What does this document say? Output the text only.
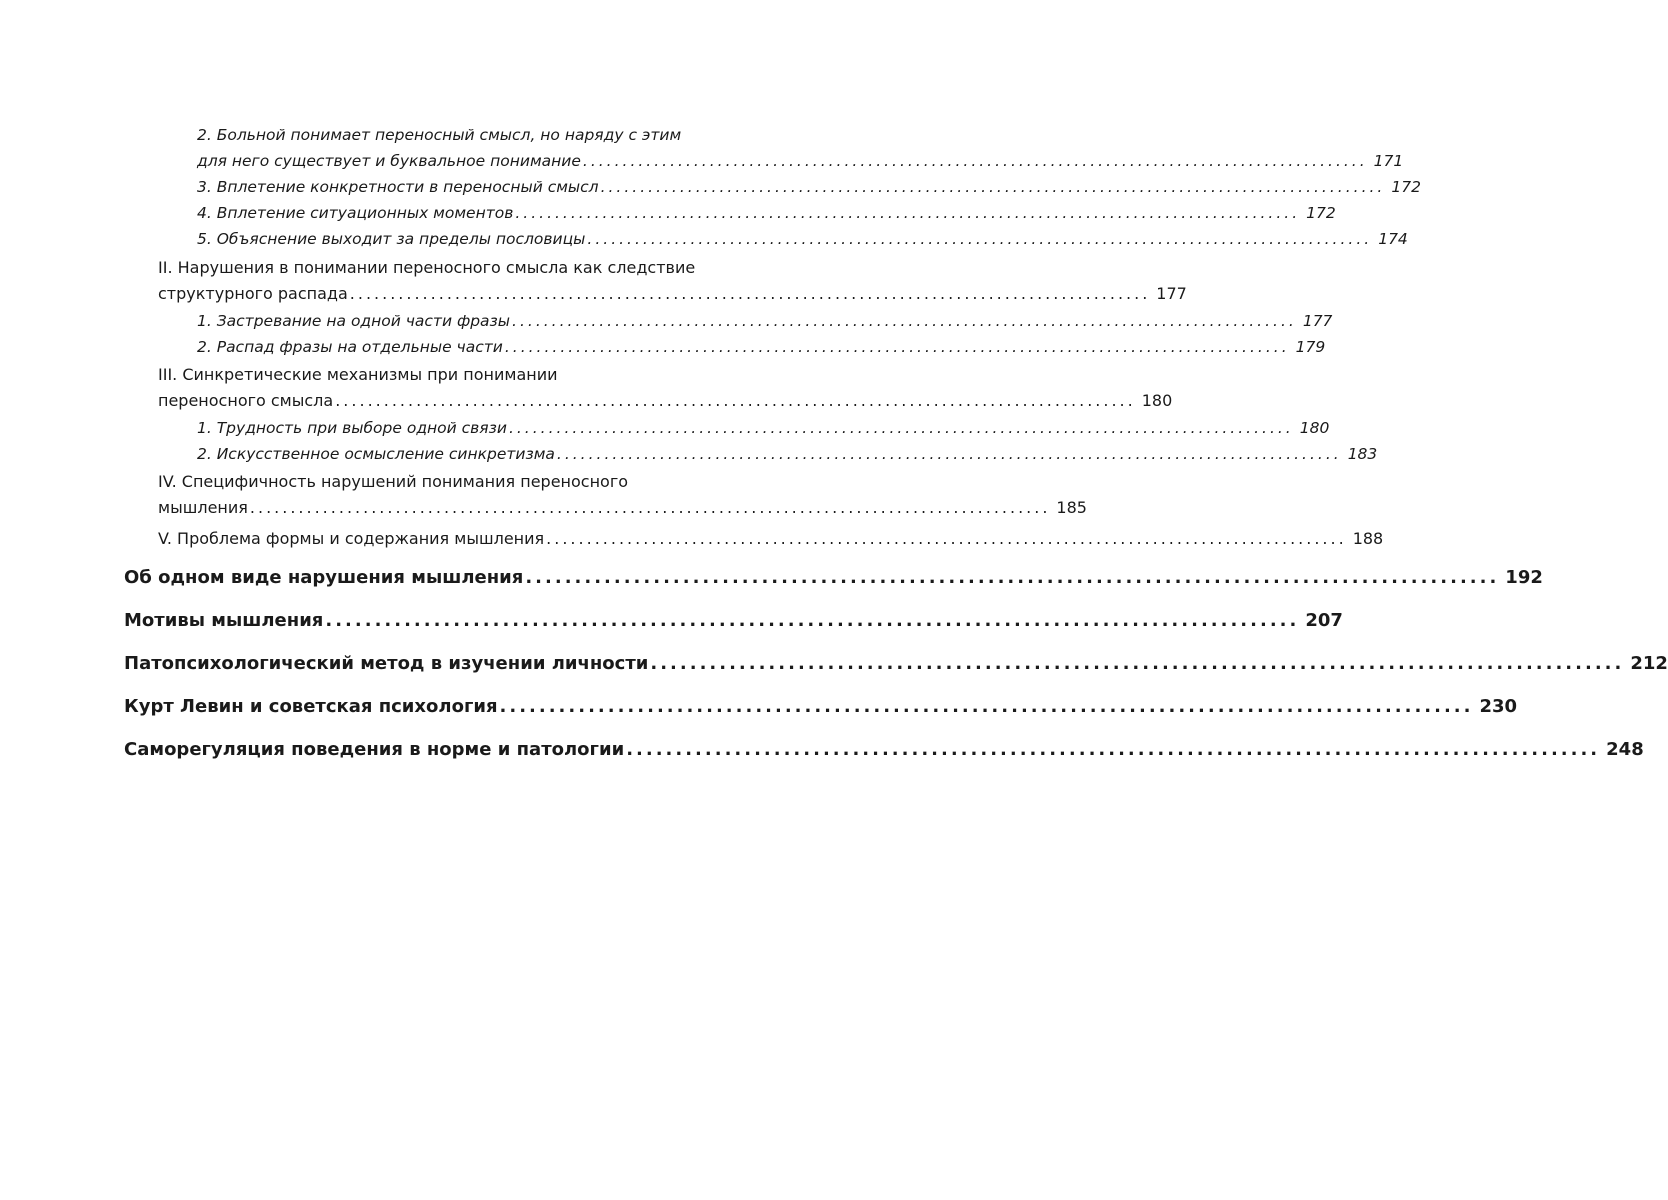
2. Больной понимает переносный смысл, но наряду с этим
для него существует и буквальное понимание ................................................................................................... 171
3. Вплетение конкретности в переносный смысл ................................................................................................... 172
4. Вплетение ситуационных моментов ................................................................................................... 172
5. Объяснение выходит за пределы пословицы ................................................................................................... 174
II. Нарушения в понимании переносного смысла как следствие
структурного распада ................................................................................................... 177
1. Застревание на одной части фразы ................................................................................................... 177
2. Распад фразы на отдельные части ................................................................................................... 179
III. Синкретические механизмы при понимании
переносного смысла ................................................................................................... 180
1. Трудность при выборе одной связи ................................................................................................... 180
2. Искусственное осмысление синкретизма ................................................................................................... 183
IV. Специфичность нарушений понимания переносного
мышления ................................................................................................... 185
V. Проблема формы и содержания мышления ................................................................................................... 188
Об одном виде нарушения мышления ................................................................................................... 192
Мотивы мышления ................................................................................................... 207
Патопсихологический метод в изучении личности ................................................................................................... 212
Курт Левин и советская психология ................................................................................................... 230
Саморегуляция поведения в норме и патологии ................................................................................................... 248
